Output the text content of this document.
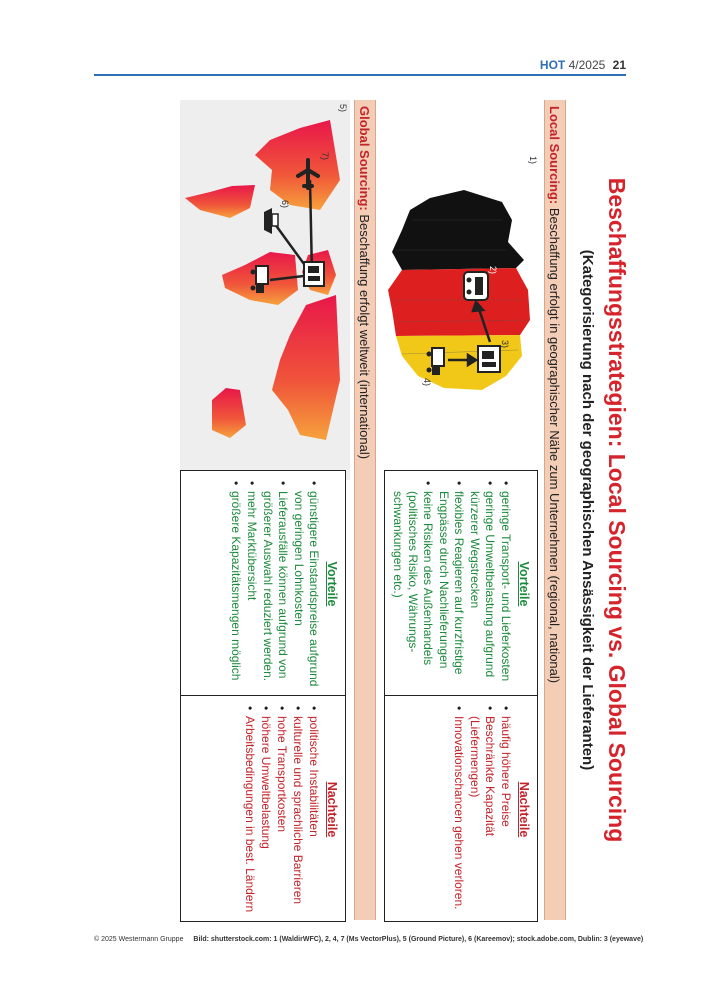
HOT 4/2025 21
Beschaffungsstrategien: Local Sourcing vs. Global Sourcing
(Kategorisierung nach der geographischen Ansässigkeit der Lieferanten)
Local Sourcing: Beschaffung erfolgt in geographischer Nähe zum Unternehmen (regional, national)
1)
3)
2)
4)
Vorteile
• geringe Transport- und Lieferkosten
• geringe Umweltbelastung aufgrund kürzerer Wegstrecken
• flexibles Reagieren auf kurzfristige Engpässe durch Nachlieferungen
• keine Risiken des Außenhandels (politisches Risiko, Währungs-schwankungen etc.)
Nachteile
• häufig höhere Preise
• Beschränkte Kapazität (Liefermengen)
• Innovationschancen gehen verloren.
Global Sourcing: Beschaffung erfolgt weltweit (international)
5)
6)
7)
Vorteile
• günstigere Einstandspreise aufgrund von geringen Lohnkosten
• Lieferausfälle können aufgrund von größerer Auswahl reduziert werden.
• mehr Marktübersicht
• größere Kapazitätsmengen möglich
Nachteile
• politische Instabilitäten
• kulturelle und sprachliche Barrieren
• hohe Transportkosten
• höhere Umweltbelastung
• Arbeitsbedingungen in best. Ländern
© 2025 Westermann Gruppe Bild: shutterstock.com: 1 (WaldirWFC), 2, 4, 7 (Ms VectorPlus), 5 (Ground Picture), 6 (Kareemov); stock.adobe.com, Dublin: 3 (eyewave)
